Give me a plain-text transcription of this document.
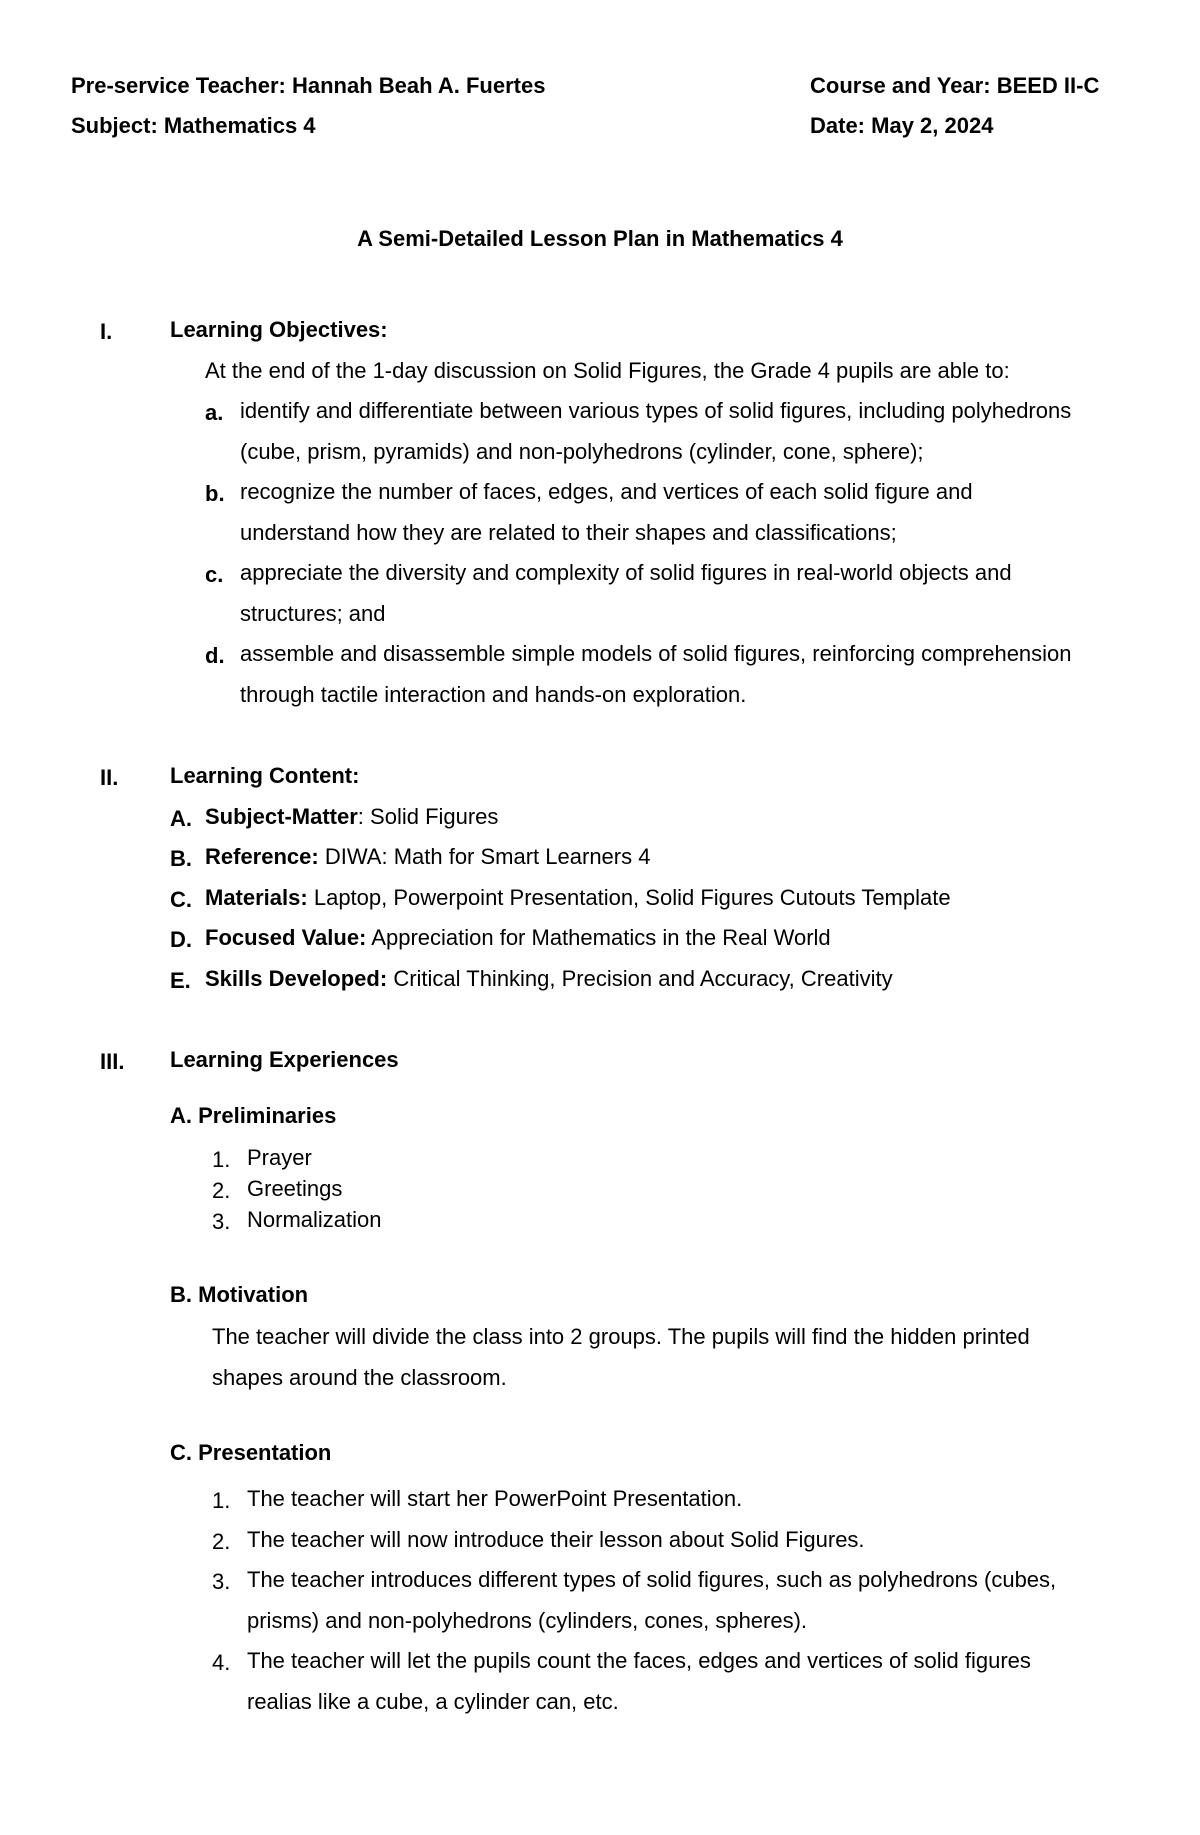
Pre-service Teacher: Hannah Beah A. Fuertes	Course and Year: BEED II-C
Subject: Mathematics 4	Date: May 2, 2024
A Semi-Detailed Lesson Plan in Mathematics 4
I.	Learning Objectives:
At the end of the 1-day discussion on Solid Figures, the Grade 4 pupils are able to:
a. identify and differentiate between various types of solid figures, including polyhedrons
(cube, prism, pyramids) and non-polyhedrons (cylinder, cone, sphere);
b. recognize the number of faces, edges, and vertices of each solid figure and
understand how they are related to their shapes and classifications;
c. appreciate the diversity and complexity of solid figures in real-world objects and
structures; and
d. assemble and disassemble simple models of solid figures, reinforcing comprehension
through tactile interaction and hands-on exploration.
II. Learning Content:
A. Subject-Matter: Solid Figures
B. Reference: DIWA: Math for Smart Learners 4
C. Materials: Laptop, Powerpoint Presentation, Solid Figures Cutouts Template
D. Focused Value: Appreciation for Mathematics in the Real World
E. Skills Developed: Critical Thinking, Precision and Accuracy, Creativity
III. Learning Experiences
A. Preliminaries
1. Prayer
2. Greetings
3. Normalization
B. Motivation
The teacher will divide the class into 2 groups. The pupils will find the hidden printed
shapes around the classroom.
C. Presentation
1. The teacher will start her PowerPoint Presentation.
2. The teacher will now introduce their lesson about Solid Figures.
3. The teacher introduces different types of solid figures, such as polyhedrons (cubes,
prisms) and non-polyhedrons (cylinders, cones, spheres).
4. The teacher will let the pupils count the faces, edges and vertices of solid figures
realias like a cube, a cylinder can, etc.
